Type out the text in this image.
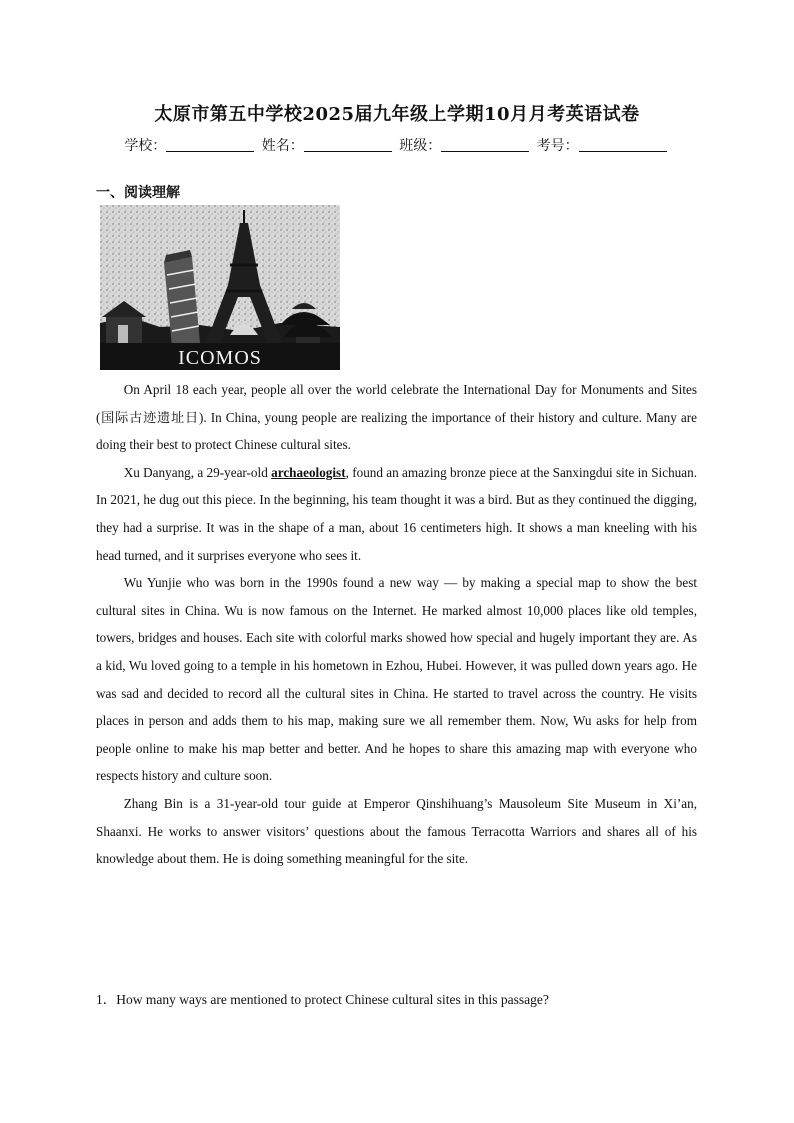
太原市第五中学校2025届九年级上学期10月月考英语试卷
学校：	姓名：	班级：	考号：
一、阅读理解
ICOMOS

On April 18 each year, people all over the world celebrate the International Day for Monuments and Sites (国际古迹遗址日). In China, young people are realizing the importance of their history and culture. Many are doing their best to protect Chinese cultural sites.

Xu Danyang, a 29-year-old archaeologist, found an amazing bronze piece at the Sanxingdui site in Sichuan. In 2021, he dug out this piece. In the beginning, his team thought it was a bird. But as they continued the digging, they had a surprise. It was in the shape of a man, about 16 centimeters high. It shows a man kneeling with his head turned, and it surprises everyone who sees it.

Wu Yunjie who was born in the 1990s found a new way — by making a special map to show the best cultural sites in China. Wu is now famous on the Internet. He marked almost 10,000 places like old temples, towers, bridges and houses. Each site with colorful marks showed how special and hugely important they are. As a kid, Wu loved going to a temple in his hometown in Ezhou, Hubei. However, it was pulled down years ago. He was sad and decided to record all the cultural sites in China. He started to travel across the country. He visits places in person and adds them to his map, making sure we all remember them. Now, Wu asks for help from people online to make his map better and better. And he hopes to share this amazing map with everyone who respects history and culture soon.

Zhang Bin is a 31-year-old tour guide at Emperor Qinshihuang’s Mausoleum Site Museum in Xi’an, Shaanxi. He works to answer visitors’ questions about the famous Terracotta Warriors and shares all of his knowledge about them. He is doing something meaningful for the site.

1．How many ways are mentioned to protect Chinese cultural sites in this passage?
